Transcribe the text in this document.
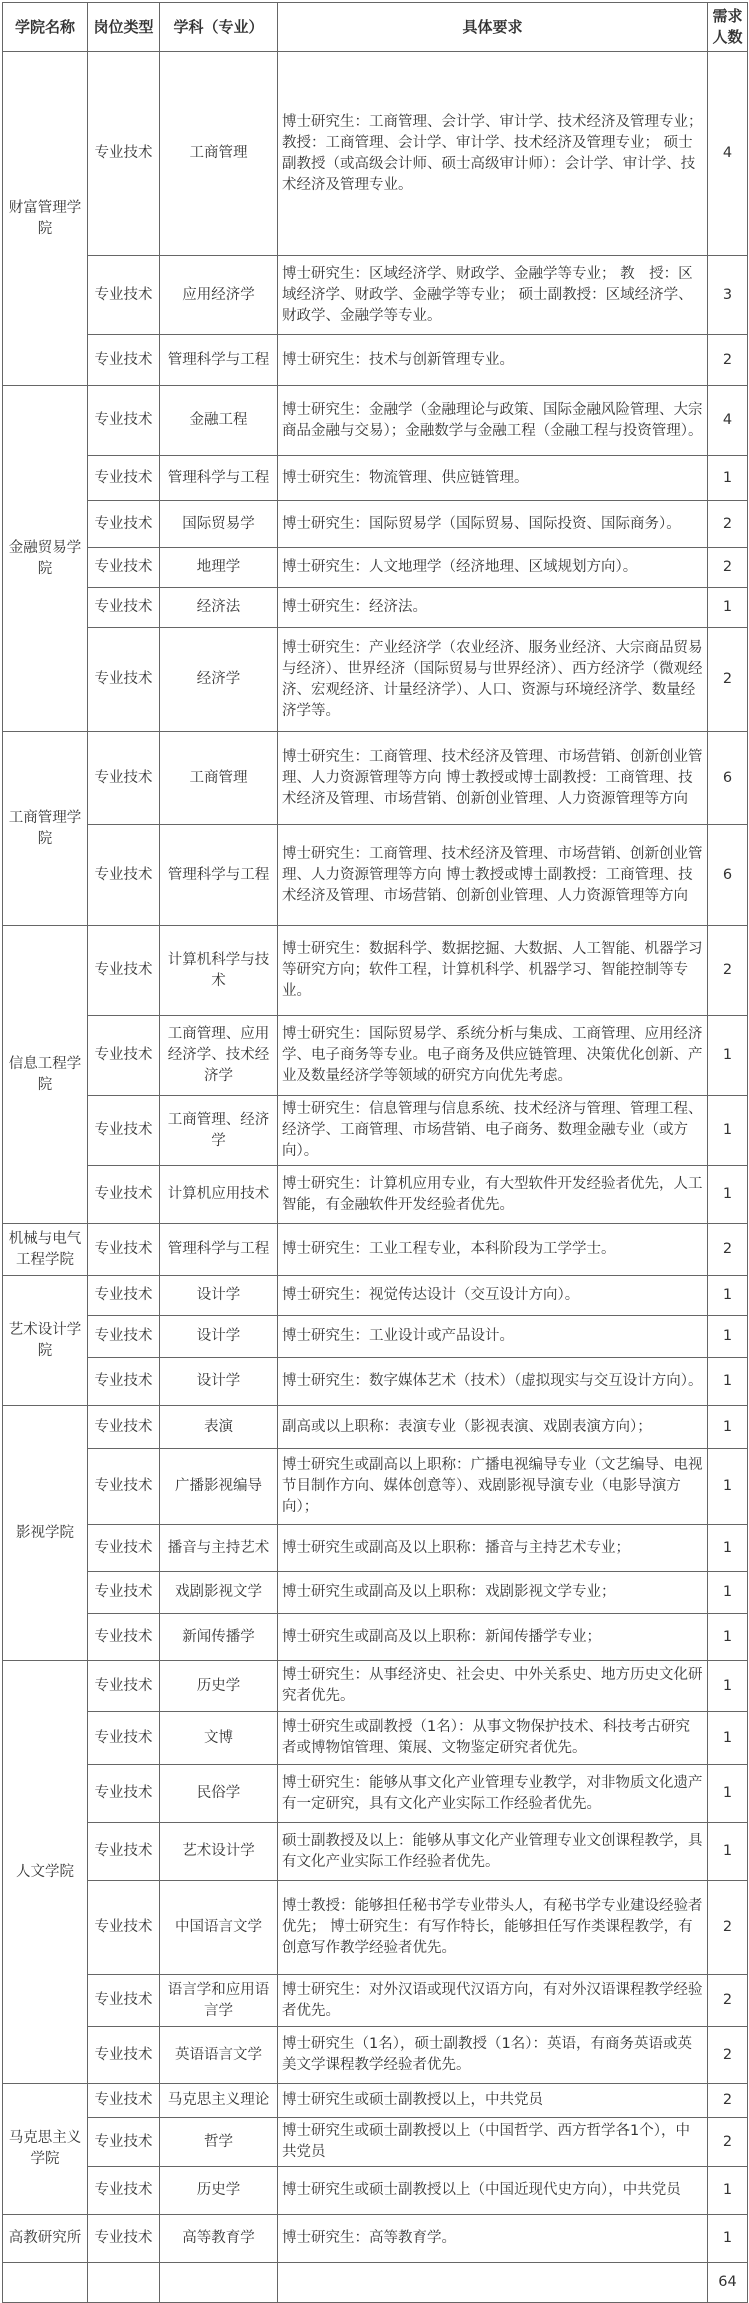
学院名称	岗位类型	学科（专业）	具体要求	需求人数
财富管理学院	专业技术	工商管理	博士研究生：工商管理、会计学、审计学、技术经济及管理专业； 教授：工商管理、会计学、审计学、技术经济及管理专业； 硕士副教授（或高级会计师、硕士高级审计师）：会计学、审计学、技术经济及管理专业。	4
	专业技术	应用经济学	博士研究生：区域经济学、财政学、金融学等专业； 教　授：区域经济学、财政学、金融学等专业； 硕士副教授：区域经济学、财政学、金融学等专业。	3
	专业技术	管理科学与工程	博士研究生：技术与创新管理专业。	2
金融贸易学院	专业技术	金融工程	博士研究生：金融学（金融理论与政策、国际金融风险管理、大宗商品金融与交易）；金融数学与金融工程（金融工程与投资管理）。	4
	专业技术	管理科学与工程	博士研究生：物流管理、供应链管理。	1
	专业技术	国际贸易学	博士研究生：国际贸易学（国际贸易、国际投资、国际商务）。	2
	专业技术	地理学	博士研究生：人文地理学（经济地理、区域规划方向）。	2
	专业技术	经济法	博士研究生：经济法。	1
	专业技术	经济学	博士研究生：产业经济学（农业经济、服务业经济、大宗商品贸易与经济）、世界经济（国际贸易与世界经济）、西方经济学（微观经济、宏观经济、计量经济学）、人口、资源与环境经济学、数量经济学等。	2
工商管理学院	专业技术	工商管理	博士研究生：工商管理、技术经济及管理、市场营销、创新创业管理、人力资源管理等方向 博士教授或博士副教授：工商管理、技术经济及管理、市场营销、创新创业管理、人力资源管理等方向	6
	专业技术	管理科学与工程	博士研究生：工商管理、技术经济及管理、市场营销、创新创业管理、人力资源管理等方向 博士教授或博士副教授：工商管理、技术经济及管理、市场营销、创新创业管理、人力资源管理等方向	6
信息工程学院	专业技术	计算机科学与技术	博士研究生：数据科学、数据挖掘、大数据、人工智能、机器学习等研究方向；软件工程，计算机科学、机器学习、智能控制等专业。	2
	专业技术	工商管理、应用经济学、技术经济学	博士研究生：国际贸易学、系统分析与集成、工商管理、应用经济学、电子商务等专业。电子商务及供应链管理、决策优化创新、产业及数量经济学等领域的研究方向优先考虑。	1
	专业技术	工商管理、经济学	博士研究生：信息管理与信息系统、技术经济与管理、管理工程、经济学、工商管理、市场营销、电子商务、数理金融专业（或方向）。	1
	专业技术	计算机应用技术	博士研究生：计算机应用专业，有大型软件开发经验者优先，人工智能，有金融软件开发经验者优先。	1
机械与电气工程学院	专业技术	管理科学与工程	博士研究生：工业工程专业，本科阶段为工学学士。	2
艺术设计学院	专业技术	设计学	博士研究生：视觉传达设计（交互设计方向）。	1
	专业技术	设计学	博士研究生：工业设计或产品设计。	1
	专业技术	设计学	博士研究生：数字媒体艺术（技术）（虚拟现实与交互设计方向）。	1
影视学院	专业技术	表演	副高或以上职称：表演专业（影视表演、戏剧表演方向）；	1
	专业技术	广播影视编导	博士研究生或副高以上职称：广播电视编导专业（文艺编导、电视节目制作方向、媒体创意等）、戏剧影视导演专业（电影导演方向）；	1
	专业技术	播音与主持艺术	博士研究生或副高及以上职称：播音与主持艺术专业；	1
	专业技术	戏剧影视文学	博士研究生或副高及以上职称：戏剧影视文学专业；	1
	专业技术	新闻传播学	博士研究生或副高及以上职称：新闻传播学专业；	1
人文学院	专业技术	历史学	博士研究生：从事经济史、社会史、中外关系史、地方历史文化研究者优先。	1
	专业技术	文博	博士研究生或副教授（1名）：从事文物保护技术、科技考古研究者或博物馆管理、策展、文物鉴定研究者优先。	1
	专业技术	民俗学	博士研究生：能够从事文化产业管理专业教学，对非物质文化遗产有一定研究，具有文化产业实际工作经验者优先。	1
	专业技术	艺术设计学	硕士副教授及以上：能够从事文化产业管理专业文创课程教学，具有文化产业实际工作经验者优先。	1
	专业技术	中国语言文学	博士教授：能够担任秘书学专业带头人，有秘书学专业建设经验者优先； 博士研究生：有写作特长，能够担任写作类课程教学，有创意写作教学经验者优先。	2
	专业技术	语言学和应用语言学	博士研究生：对外汉语或现代汉语方向，有对外汉语课程教学经验者优先。	2
	专业技术	英语语言文学	博士研究生（1名），硕士副教授（1名）：英语，有商务英语或英美文学课程教学经验者优先。	2
马克思主义学院	专业技术	马克思主义理论	博士研究生或硕士副教授以上，中共党员	2
	专业技术	哲学	博士研究生或硕士副教授以上（中国哲学、西方哲学各1个），中共党员	2
	专业技术	历史学	博士研究生或硕士副教授以上（中国近现代史方向），中共党员	1
高教研究所	专业技术	高等教育学	博士研究生：高等教育学。	1
				64
